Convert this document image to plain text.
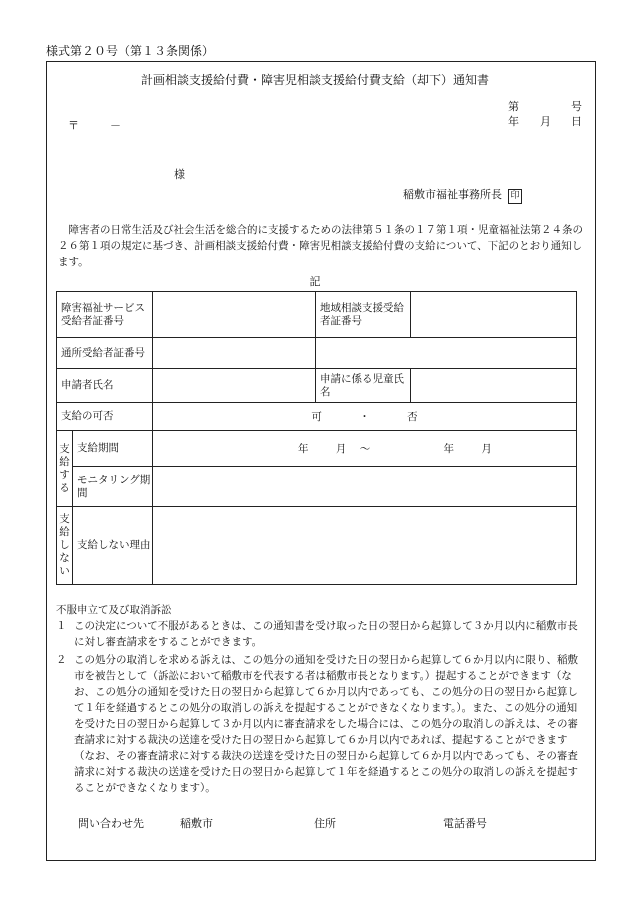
様式第２０号（第１３条関係）
計画相談支援給付費・障害児相談支援給付費支給（却下）通知書
第	号
年 月 日
〒	－
様
稲敷市福祉事務所長 印
障害者の日常生活及び社会生活を総合的に支援するための法律第５１条の１７第１項・児童福祉法第２４条の２６第１項の規定に基づき、計画相談支援給付費・障害児相談支援給付費の支給について、下記のとおり通知します。
記
障害福祉サービス受給者証番号			地域相談支援受給者証番号	

通所受給者証番号			

申請者氏名			申請に係る児童氏名	
支給の可否		可 ・ 否		
支給する	支給期間	年 月 ～ 年 月		
	モニタリング期間			
支給しない	支給しない理由			
不服申立て及び取消訴訟
１ この決定について不服があるときは、この通知書を受け取った日の翌日から起算して３か月以内に稲敷市長に対し審査請求をすることができます。
２ この処分の取消しを求める訴えは、この処分の通知を受けた日の翌日から起算して６か月以内に限り、稲敷市を被告として（訴訟において稲敷市を代表する者は稲敷市長となります。）提起することができます（なお、この処分の通知を受けた日の翌日から起算して６か月以内であっても、この処分の日の翌日から起算して１年を経過するとこの処分の取消しの訴えを提起することができなくなります。）。また、この処分の通知を受けた日の翌日から起算して３か月以内に審査請求をした場合には、この処分の取消しの訴えは、その審査請求に対する裁決の送達を受けた日の翌日から起算して６か月以内であれば、提起することができます（なお、その審査請求に対する裁決の送達を受けた日の翌日から起算して６か月以内であっても、その審査請求に対する裁決の送達を受けた日の翌日から起算して１年を経過するとこの処分の取消しの訴えを提起することができなくなります）。
問い合わせ先	稲敷市	住所	電話番号
